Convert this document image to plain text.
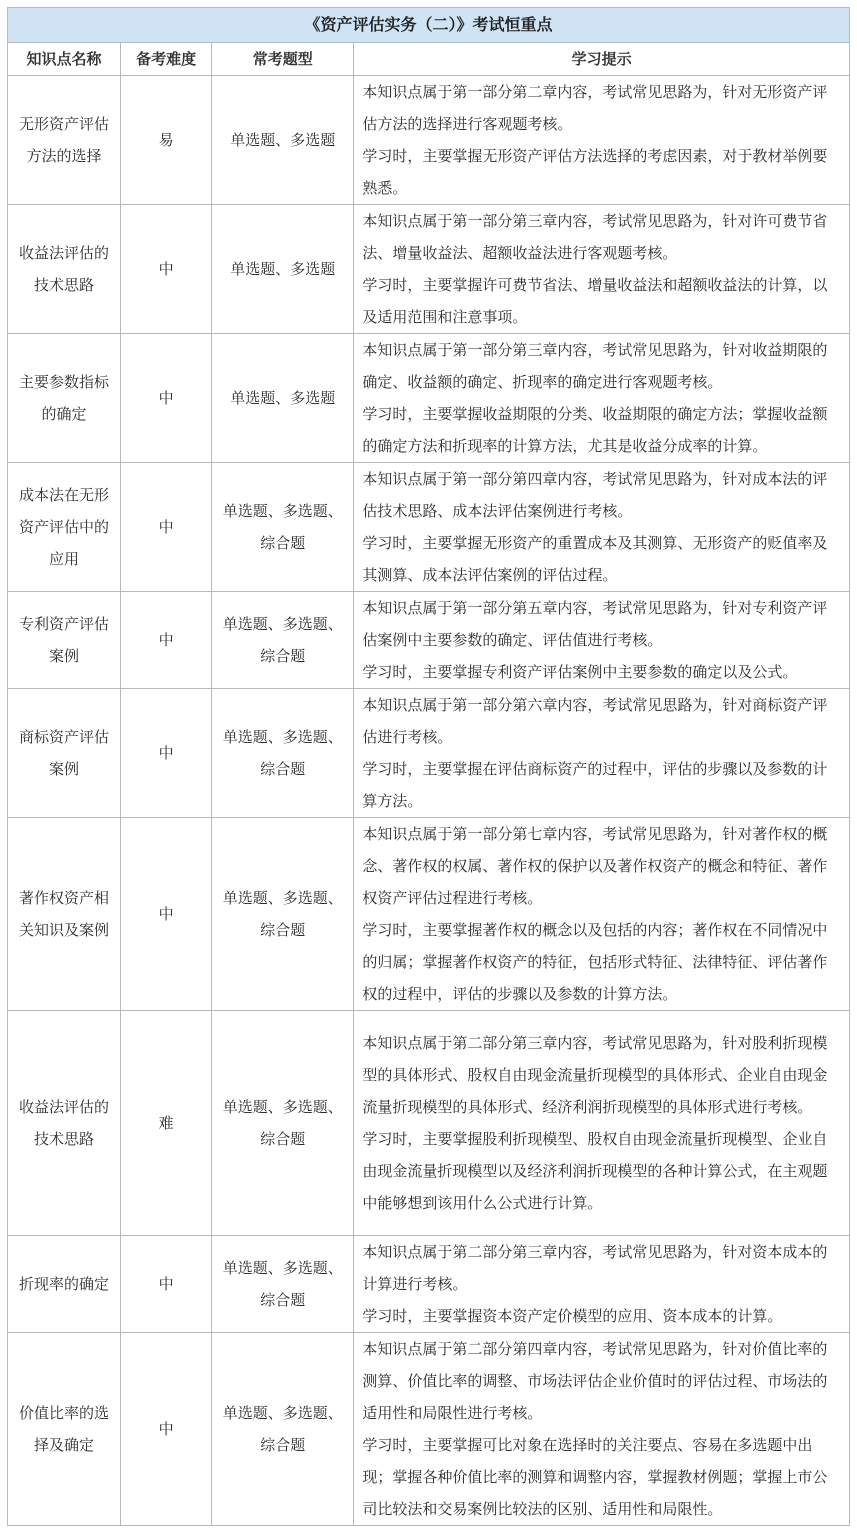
《资产评估实务（二）》考试恒重点			
知识点名称	备考难度	常考题型	学习提示
无形资产评估方法的选择	易	单选题、多选题	本知识点属于第一部分第二章内容，考试常见思路为，针对无形资产评估方法的选择进行客观题考核。

学习时，主要掌握无形资产评估方法选择的考虑因素，对于教材举例要熟悉。

收益法评估的技术思路	中	单选题、多选题	本知识点属于第一部分第三章内容，考试常见思路为，针对许可费节省法、增量收益法、超额收益法进行客观题考核。

学习时，主要掌握许可费节省法、增量收益法和超额收益法的计算，以及适用范围和注意事项。

主要参数指标的确定	中	单选题、多选题	本知识点属于第一部分第三章内容，考试常见思路为，针对收益期限的确定、收益额的确定、折现率的确定进行客观题考核。

学习时，主要掌握收益期限的分类、收益期限的确定方法；掌握收益额的确定方法和折现率的计算方法，尤其是收益分成率的计算。

成本法在无形资产评估中的应用	中	单选题、多选题、综合题	本知识点属于第一部分第四章内容，考试常见思路为，针对成本法的评估技术思路、成本法评估案例进行考核。

学习时，主要掌握无形资产的重置成本及其测算、无形资产的贬值率及其测算、成本法评估案例的评估过程。

专利资产评估案例	中	单选题、多选题、综合题	本知识点属于第一部分第五章内容，考试常见思路为，针对专利资产评估案例中主要参数的确定、评估值进行考核。

学习时，主要掌握专利资产评估案例中主要参数的确定以及公式。

商标资产评估案例	中	单选题、多选题、综合题	本知识点属于第一部分第六章内容，考试常见思路为，针对商标资产评估进行考核。

学习时，主要掌握在评估商标资产的过程中，评估的步骤以及参数的计算方法。

著作权资产相关知识及案例	中	单选题、多选题、综合题	本知识点属于第一部分第七章内容，考试常见思路为，针对著作权的概念、著作权的权属、著作权的保护以及著作权资产的概念和特征、著作权资产评估过程进行考核。

学习时，主要掌握著作权的概念以及包括的内容；著作权在不同情况中的归属；掌握著作权资产的特征，包括形式特征、法律特征、评估著作权的过程中，评估的步骤以及参数的计算方法。

收益法评估的技术思路	难	单选题、多选题、综合题	本知识点属于第二部分第三章内容，考试常见思路为，针对股利折现模型的具体形式、股权自由现金流量折现模型的具体形式、企业自由现金流量折现模型的具体形式、经济利润折现模型的具体形式进行考核。

学习时，主要掌握股利折现模型、股权自由现金流量折现模型、企业自由现金流量折现模型以及经济利润折现模型的各种计算公式，在主观题中能够想到该用什么公式进行计算。

折现率的确定	中	单选题、多选题、综合题	本知识点属于第二部分第三章内容，考试常见思路为，针对资本成本的计算进行考核。

学习时，主要掌握资本资产定价模型的应用、资本成本的计算。

价值比率的选择及确定	中	单选题、多选题、综合题	本知识点属于第二部分第四章内容，考试常见思路为，针对价值比率的测算、价值比率的调整、市场法评估企业价值时的评估过程、市场法的适用性和局限性进行考核。

学习时，主要掌握可比对象在选择时的关注要点、容易在多选题中出现；掌握各种价值比率的测算和调整内容，掌握教材例题；掌握上市公司比较法和交易案例比较法的区别、适用性和局限性。
